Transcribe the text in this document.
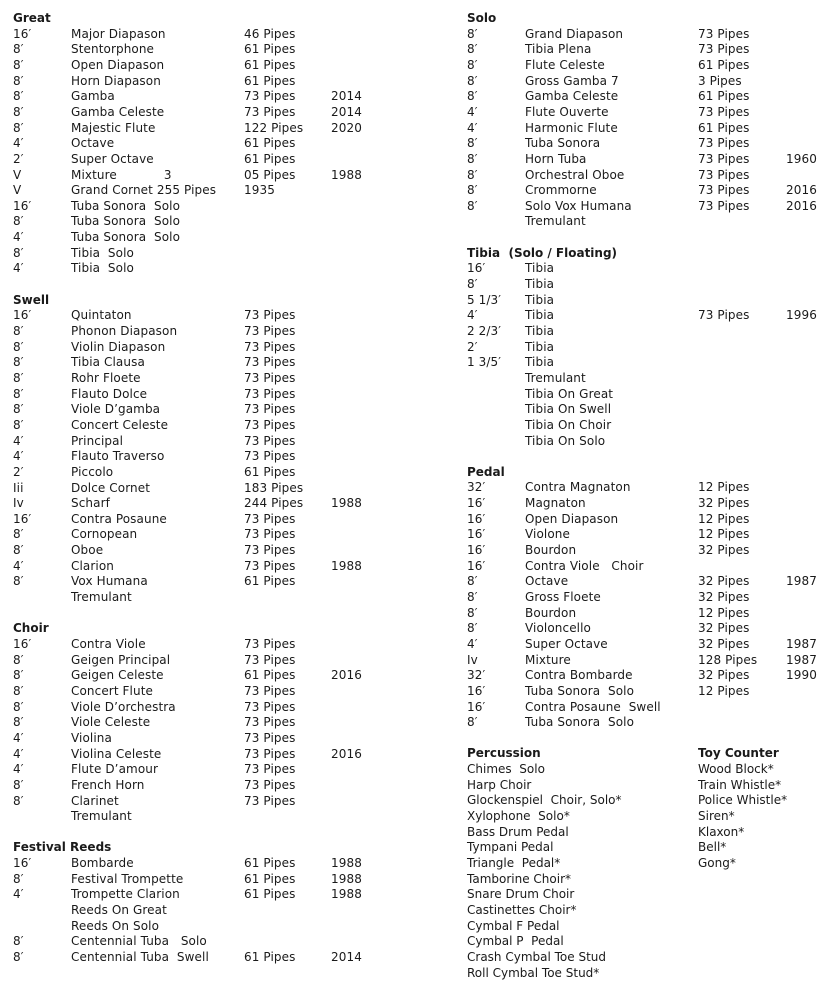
Great
16′	Major Diapason	46 Pipes
8′	Stentorphone	61 Pipes
8′	Open Diapason	61 Pipes
8′	Horn Diapason	61 Pipes
8′	Gamba	73 Pipes	2014
8′	Gamba Celeste	73 Pipes	2014
8′	Majestic Flute	122 Pipes 2020
4′	Octave	61 Pipes
2′	Super Octave	61 Pipes
V	Mixture            3	05 Pipes	1988
V	Grand Cornet 255 Pipes 1935
16′	Tuba Sonora  Solo
8′	Tuba Sonora  Solo
4′	Tuba Sonora  Solo
8′	Tibia  Solo
4′	Tibia  Solo
Swell
16′	Quintaton	73 Pipes
8′	Phonon Diapason	73 Pipes
8′	Violin Diapason	73 Pipes
8′	Tibia Clausa	73 Pipes
8′	Rohr Floete	73 Pipes
8′	Flauto Dolce	73 Pipes
8′	Viole D’gamba	73 Pipes
8′	Concert Celeste	73 Pipes
4′	Principal	73 Pipes
4′	Flauto Traverso	73 Pipes
2′	Piccolo	61 Pipes
Iii	Dolce Cornet	183 Pipes
Iv	Scharf	244 Pipes 1988
16′	Contra Posaune	73 Pipes
8′	Cornopean	73 Pipes
8′	Oboe	73 Pipes
4′	Clarion	73 Pipes	1988
8′	Vox Humana	61 Pipes
Tremulant
Choir
16′	Contra Viole	73 Pipes
8′	Geigen Principal	73 Pipes
8′	Geigen Celeste	61 Pipes	2016
8′	Concert Flute	73 Pipes
8′	Viole D’orchestra	73 Pipes
8′	Viole Celeste	73 Pipes
4′	Violina	73 Pipes
4′	Violina Celeste	73 Pipes	2016
4′	Flute D’amour	73 Pipes
8′	French Horn	73 Pipes
8′	Clarinet	73 Pipes
Tremulant
Festival Reeds
16′	Bombarde	61 Pipes	1988
8′	Festival Trompette	61 Pipes	1988
4′	Trompette Clarion	61 Pipes	1988
Reeds On Great
Reeds On Solo
8′	Centennial Tuba   Solo
8′	Centennial Tuba  Swell	61 Pipes	2014
Solo
8′	Grand Diapason	73 Pipes
8′	Tibia Plena	73 Pipes
8′	Flute Celeste	61 Pipes
8′	Gross Gamba 7	3 Pipes
8′	Gamba Celeste	61 Pipes
4′	Flute Ouverte	73 Pipes
4′	Harmonic Flute	61 Pipes
8′	Tuba Sonora	73 Pipes
8′	Horn Tuba	73 Pipes	1960
8′	Orchestral Oboe	73 Pipes
8′	Crommorne	73 Pipes	2016
8′	Solo Vox Humana	73 Pipes	2016
Tremulant
Tibia  (Solo / Floating)
16′	Tibia
8′	Tibia
5 1/3′ Tibia
4′	Tibia	73 Pipes	1996
2 2/3′ Tibia
2′	Tibia
1 3/5′ Tibia
Tremulant
Tibia On Great
Tibia On Swell
Tibia On Choir
Tibia On Solo
Pedal
32′	Contra Magnaton	12 Pipes
16′	Magnaton	32 Pipes
16′	Open Diapason	12 Pipes
16′	Violone	12 Pipes
16′	Bourdon	32 Pipes
16′	Contra Viole   Choir
8′	Octave	32 Pipes	1987
8′	Gross Floete	32 Pipes
8′	Bourdon	12 Pipes
8′	Violoncello	32 Pipes
4′	Super Octave	32 Pipes	1987
Iv	Mixture	128 Pipes 1987
32′	Contra Bombarde	32 Pipes	1990
16′	Tuba Sonora  Solo	12 Pipes
16′	Contra Posaune  Swell
8′	Tuba Sonora  Solo
Percussion
Chimes  Solo
Harp Choir
Glockenspiel  Choir, Solo*
Xylophone  Solo*
Bass Drum Pedal
Tympani Pedal
Triangle  Pedal*
Tamborine Choir*
Snare Drum Choir
Castinettes Choir*
Cymbal F Pedal
Cymbal P  Pedal
Crash Cymbal Toe Stud
Roll Cymbal Toe Stud*
Toy Counter
Wood Block*
Train Whistle*
Police Whistle*
Siren*
Klaxon*
Bell*
Gong*
